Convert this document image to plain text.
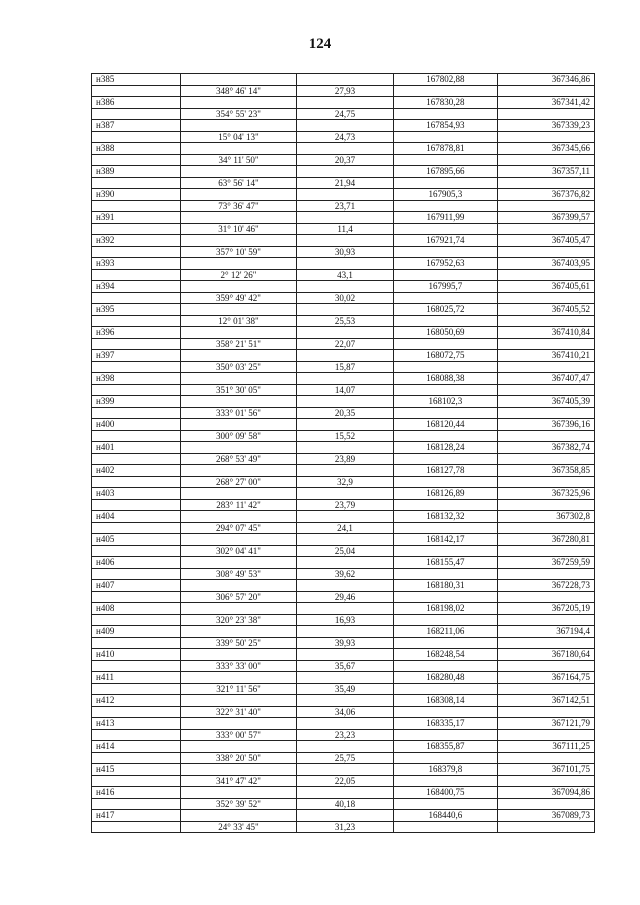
124
н385			167802,88	367346,86
	348° 46' 14"	27,93		
н386			167830,28	367341,42
	354° 55' 23"	24,75		
н387			167854,93	367339,23
	15° 04' 13"	24,73		
н388			167878,81	367345,66
	34° 11' 50"	20,37		
н389			167895,66	367357,11
	63° 56' 14"	21,94		
н390			167905,3	367376,82
	73° 36' 47"	23,71		
н391			167911,99	367399,57
	31° 10' 46"	11,4		
н392			167921,74	367405,47
	357° 10' 59"	30,93		
н393			167952,63	367403,95
	2° 12' 26"	43,1		
н394			167995,7	367405,61
	359° 49' 42"	30,02		
н395			168025,72	367405,52
	12° 01' 38"	25,53		
н396			168050,69	367410,84
	358° 21' 51"	22,07		
н397			168072,75	367410,21
	350° 03' 25"	15,87		
н398			168088,38	367407,47
	351° 30' 05"	14,07		
н399			168102,3	367405,39
	333° 01' 56"	20,35		
н400			168120,44	367396,16
	300° 09' 58"	15,52		
н401			168128,24	367382,74
	268° 53' 49"	23,89		
н402			168127,78	367358,85
	268° 27' 00"	32,9		
н403			168126,89	367325,96
	283° 11' 42"	23,79		
н404			168132,32	367302,8
	294° 07' 45"	24,1		
н405			168142,17	367280,81
	302° 04' 41"	25,04		
н406			168155,47	367259,59
	308° 49' 53"	39,62		
н407			168180,31	367228,73
	306° 57' 20"	29,46		
н408			168198,02	367205,19
	320° 23' 38"	16,93		
н409			168211,06	367194,4
	339° 50' 25"	39,93		
н410			168248,54	367180,64
	333° 33' 00"	35,67		
н411			168280,48	367164,75
	321° 11' 56"	35,49		
н412			168308,14	367142,51
	322° 31' 40"	34,06		
н413			168335,17	367121,79
	333° 00' 57"	23,23		
н414			168355,87	367111,25
	338° 20' 50"	25,75		
н415			168379,8	367101,75
	341° 47' 42"	22,05		
н416			168400,75	367094,86
	352° 39' 52"	40,18		
н417			168440,6	367089,73
	24° 33' 45"	31,23		
